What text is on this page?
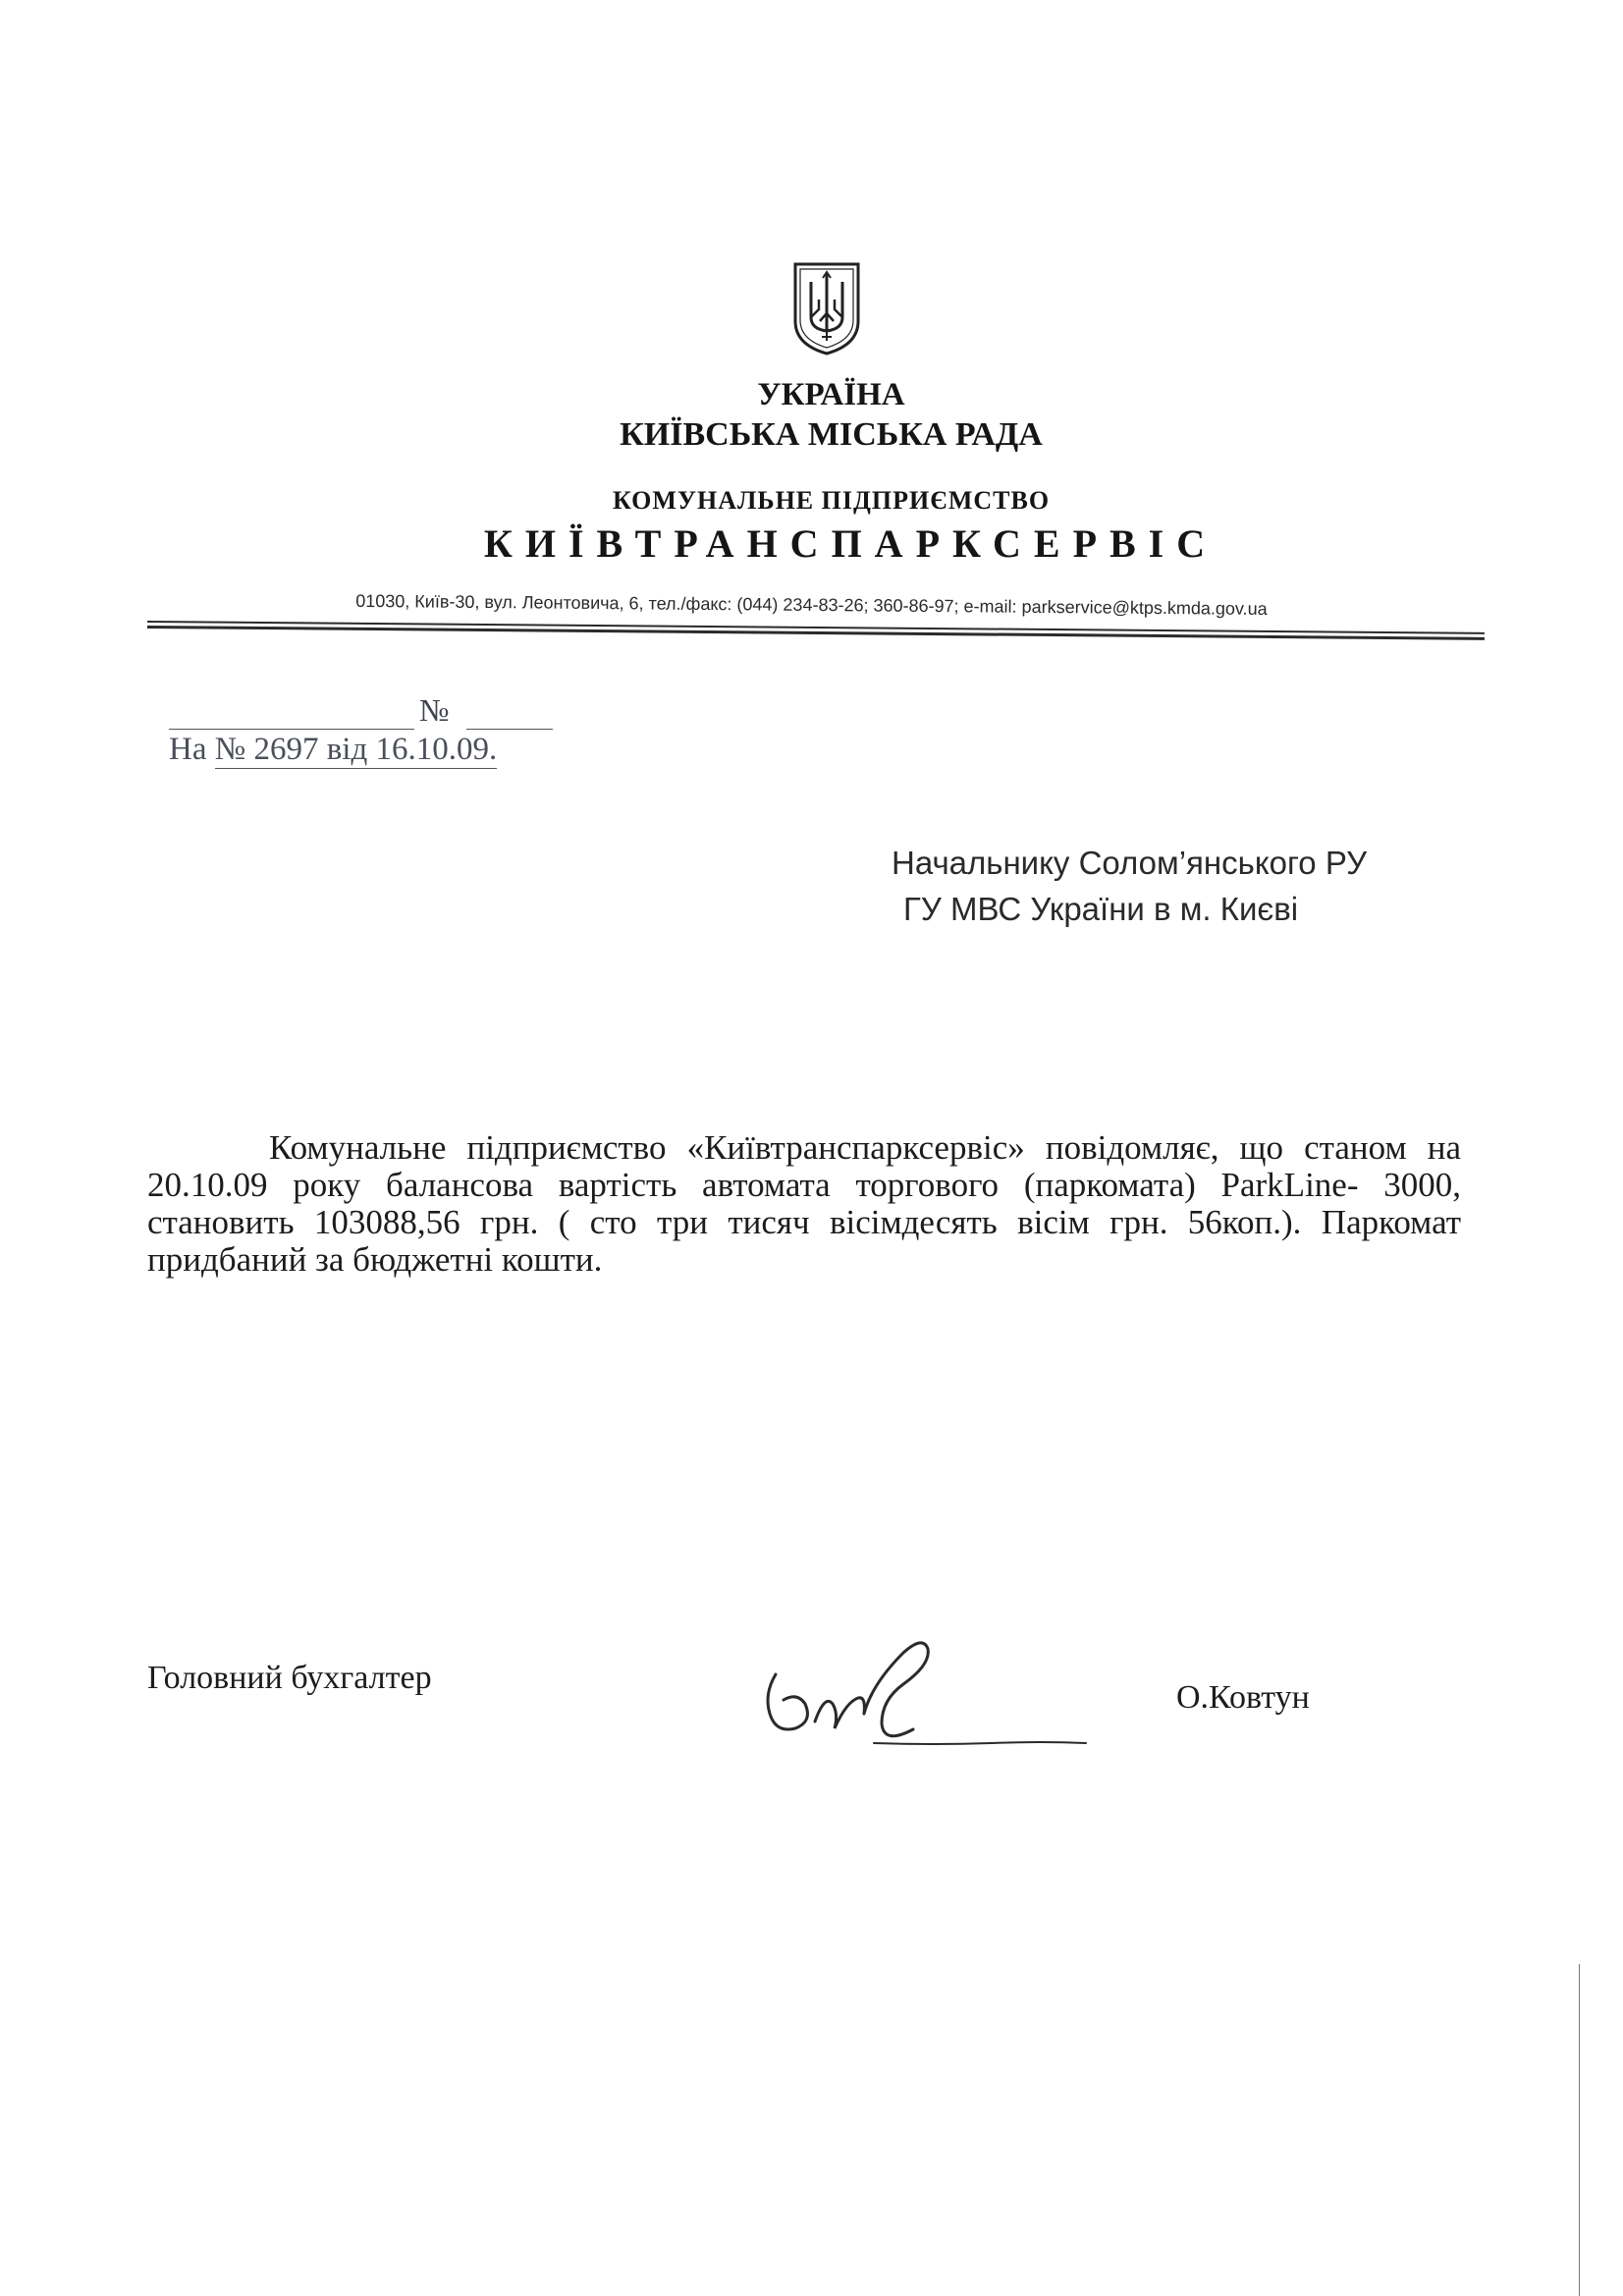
УКРАЇНА
КИЇВСЬКА МІСЬКА РАДА
КОМУНАЛЬНЕ ПІДПРИЄМСТВО
КИЇВТРАНСПАРКСЕРВІС
01030, Київ-30, вул. Леонтовича, 6, тел./факс: (044) 234-83-26; 360-86-97; e-mail: parkservice@ktps.kmda.gov.ua
№
На № 2697 від 16.10.09.
Начальнику Солом’янського РУ
ГУ МВС України в м. Києві

Комунальне підприємство «Київтранспарксервіс» повідомляє, що станом на 20.10.09 року балансова вартість автомата торгового (паркомата) ParkLine- 3000, становить 103088,56 грн. ( сто три тисяч вісімдесять вісім грн. 56коп.). Паркомат придбаний за бюджетні кошти.

Головний бухгалтер
О.Ковтун
